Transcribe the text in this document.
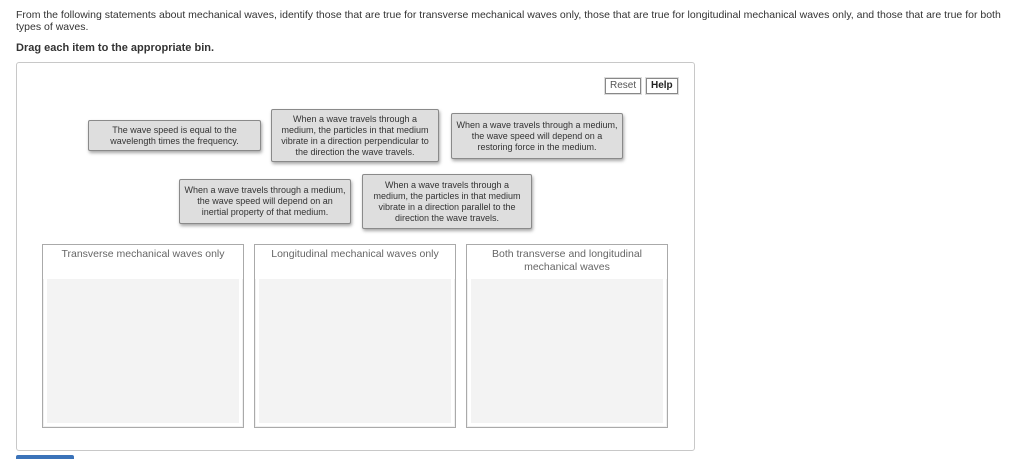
From the following statements about mechanical waves, identify those that are true for transverse mechanical waves only, those that are true for longitudinal mechanical waves only, and those that are true for both types of waves.
Drag each item to the appropriate bin.
Reset	Help
The wave speed is equal to the wavelength times the frequency.
When a wave travels through a medium, the particles in that medium vibrate in a direction perpendicular to the direction the wave travels.
When a wave travels through a medium, the wave speed will depend on a restoring force in the medium.
When a wave travels through a medium, the wave speed will depend on an inertial property of that medium.
When a wave travels through a medium, the particles in that medium vibrate in a direction parallel to the direction the wave travels.
Transverse mechanical waves only	Longitudinal mechanical waves only	Both transverse and longitudinal mechanical waves
